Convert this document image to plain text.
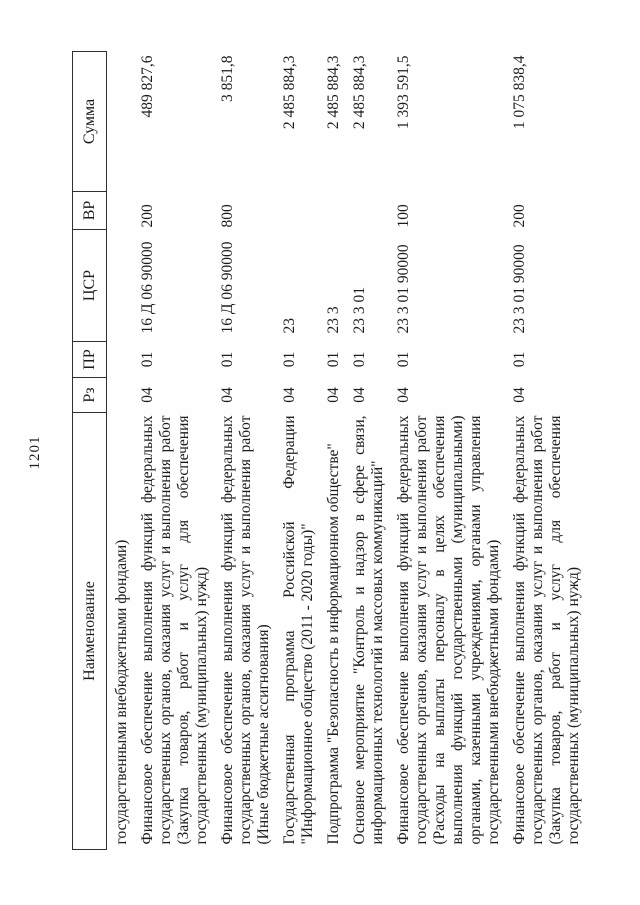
1201
Наименование	Рз	ПР	ЦСР	ВР	Сумма
государственными внебюджетными фондами)					
Финансовое обеспечение выполнения функций федеральных государственных органов, оказания услуг и выполнения работ (Закупка товаров, работ и услуг для обеспечения государственных (муниципальных) нужд)	04	01	16 Д 06 90000	200	489 827,6
Финансовое обеспечение выполнения функций федеральных государственных органов, оказания услуг и выполнения работ (Иные бюджетные ассигнования)	04	01	16 Д 06 90000	800	3 851,8
Государственная программа Российской Федерации "Информационное общество (2011 - 2020 годы)"	04	01	23		2 485 884,3
Подпрограмма "Безопасность в информационном обществе"	04	01	23 3		2 485 884,3
Основное мероприятие "Контроль и надзор в сфере связи, информационных технологий и массовых коммуникаций"	04	01	23 3 01		2 485 884,3
Финансовое обеспечение выполнения функций федеральных государственных органов, оказания услуг и выполнения работ (Расходы на выплаты персоналу в целях обеспечения выполнения функций государственными (муниципальными) органами, казенными учреждениями, органами управления государственными внебюджетными фондами)	04	01	23 3 01 90000	100	1 393 591,5
Финансовое обеспечение выполнения функций федеральных государственных органов, оказания услуг и выполнения работ (Закупка товаров, работ и услуг для обеспечения государственных (муниципальных) нужд)	04	01	23 3 01 90000	200	1 075 838,4
